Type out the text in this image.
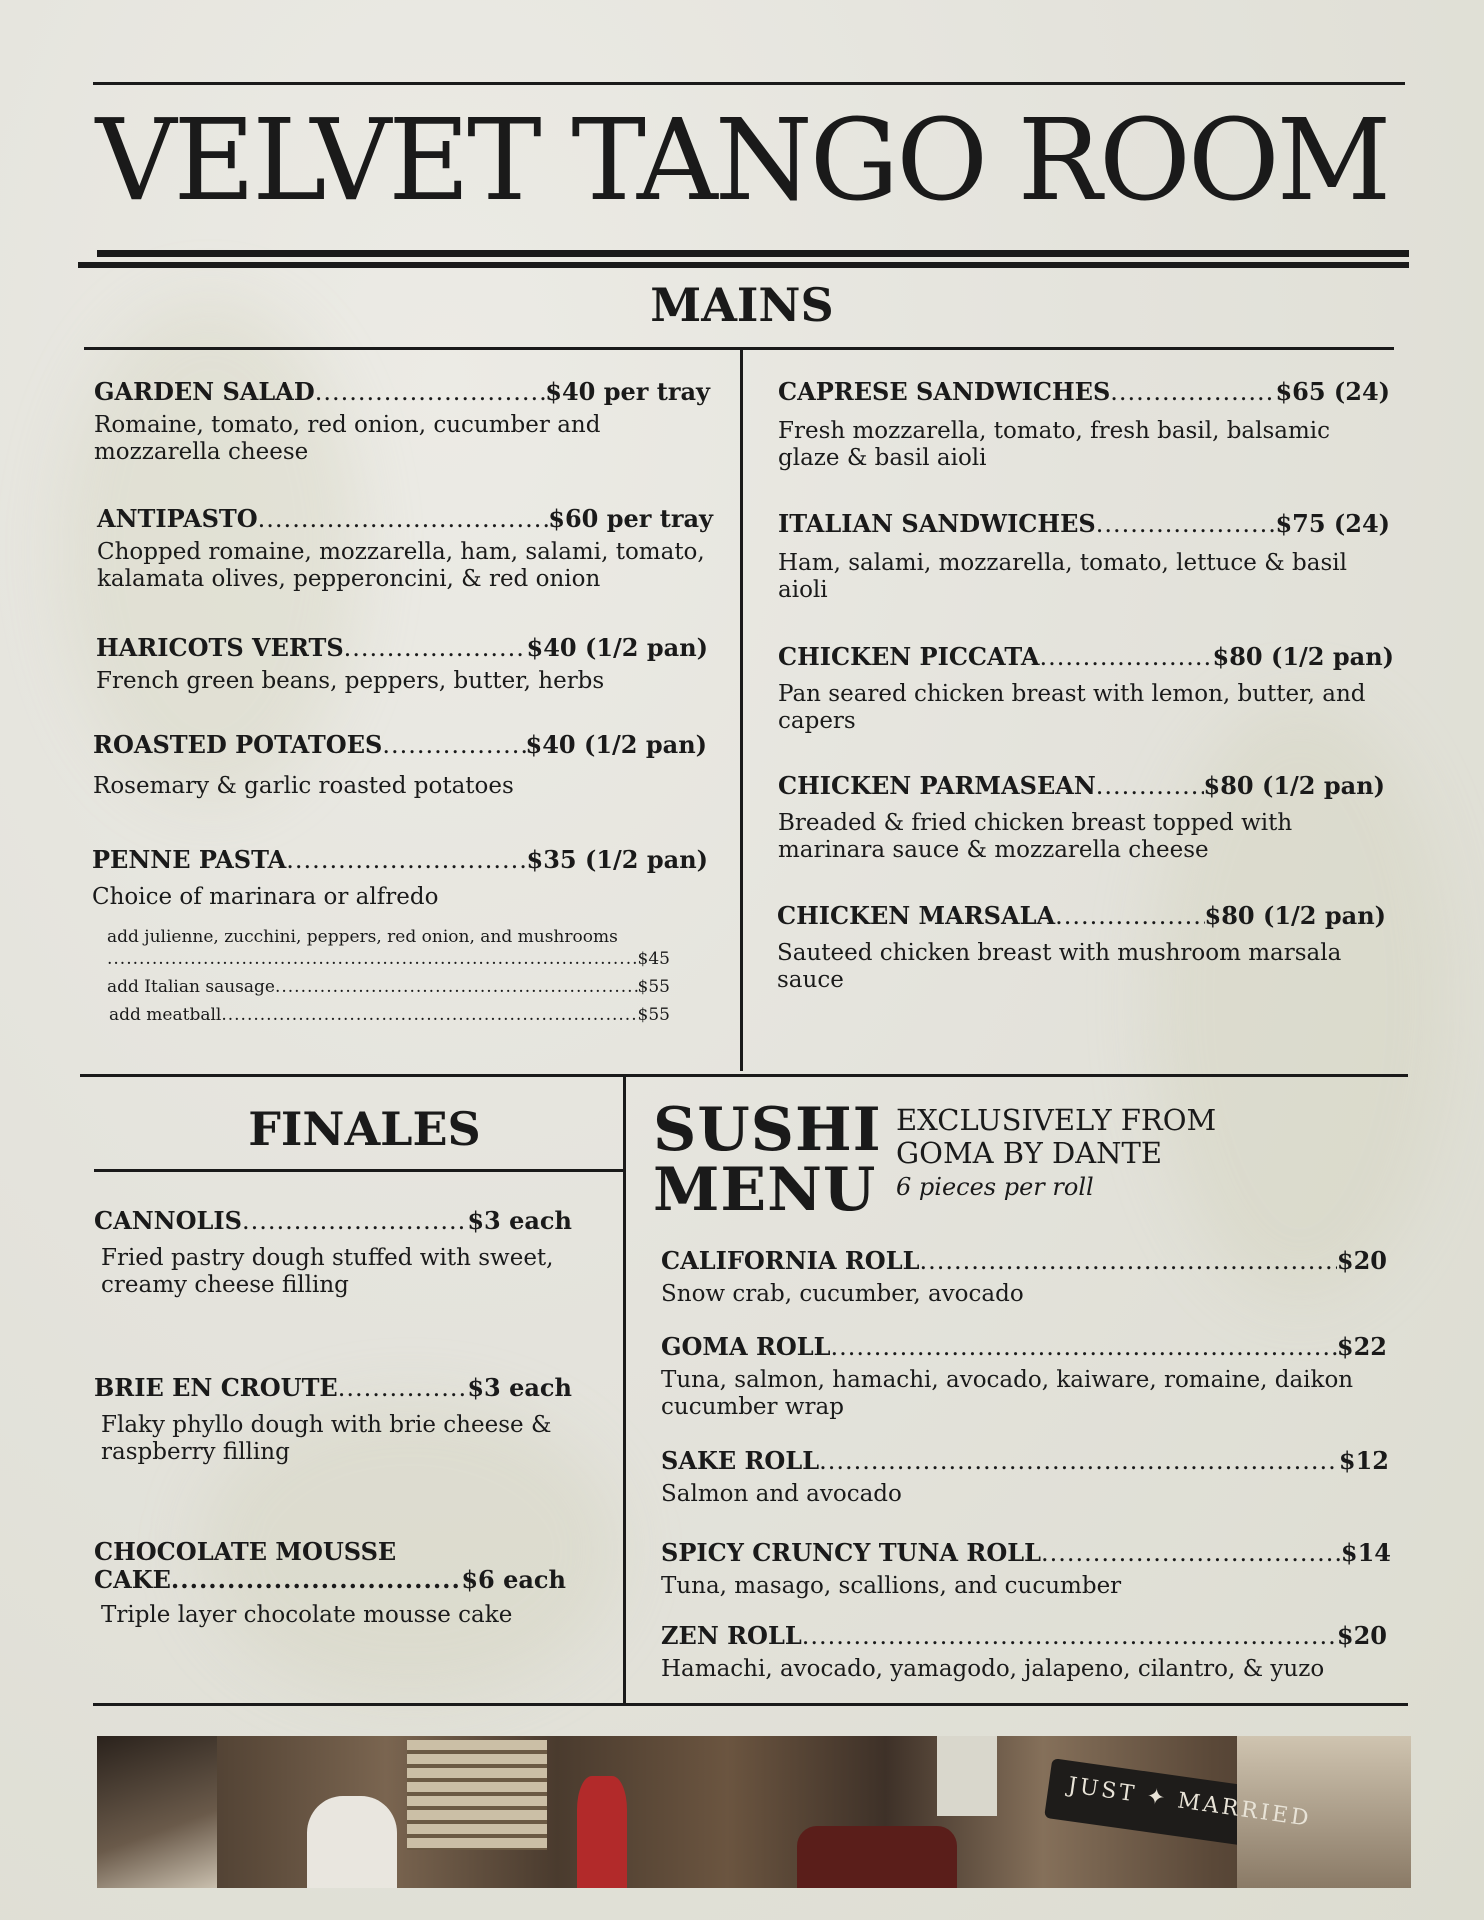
VELVET TANGO ROOM
MAINS
GARDEN SALAD .....	$40 per tray
Romaine, tomato, red onion, cucumber and mozzarella cheese
ANTIPASTO .....	$60 per tray
Chopped romaine, mozzarella, ham, salami, tomato, kalamata olives, pepperoncini, & red onion
HARICOTS VERTS .....	$40 (1/2 pan)
French green beans, peppers, butter, herbs
ROASTED POTATOES .....	$40 (1/2 pan)
Rosemary & garlic roasted potatoes
PENNE PASTA .....	$35 (1/2 pan)
Choice of marinara or alfredo
add julienne, zucchini, peppers, red onion, and mushrooms
.....
$45
add Italian sausage .....	$55
add meatball .....	$55
CAPRESE SANDWICHES .....	$65 (24)
Fresh mozzarella, tomato, fresh basil, balsamic glaze & basil aioli
ITALIAN SANDWICHES .....	$75 (24)
Ham, salami, mozzarella, tomato, lettuce & basil aioli
CHICKEN PICCATA .....	$80 (1/2 pan)
Pan seared chicken breast with lemon, butter, and capers
CHICKEN PARMASEAN .....	$80 (1/2 pan)
Breaded & fried chicken breast topped with marinara sauce & mozzarella cheese
CHICKEN MARSALA .....	$80 (1/2 pan)
Sauteed chicken breast with mushroom marsala sauce
FINALES
CANNOLIS .....	$3 each
Fried pastry dough stuffed with sweet, creamy cheese filling
BRIE EN CROUTE .....	$3 each
Flaky phyllo dough with brie cheese & raspberry filling
CHOCOLATE MOUSSE
CAKE .....	$6 each
Triple layer chocolate mousse cake
SUSHI
MENU
EXCLUSIVELY FROM
GOMA BY DANTE
6 pieces per roll
CALIFORNIA ROLL .....	$20
Snow crab, cucumber, avocado
GOMA ROLL .....	$22
Tuna, salmon, hamachi, avocado, kaiware, romaine, daikon cucumber wrap
SAKE ROLL .....	$12
Salmon and avocado
SPICY CRUNCY TUNA ROLL .....	$14
Tuna, masago, scallions, and cucumber
ZEN ROLL .....	$20
Hamachi, avocado, yamagodo, jalapeno, cilantro, & yuzo
JUST ✦ MARRIED
